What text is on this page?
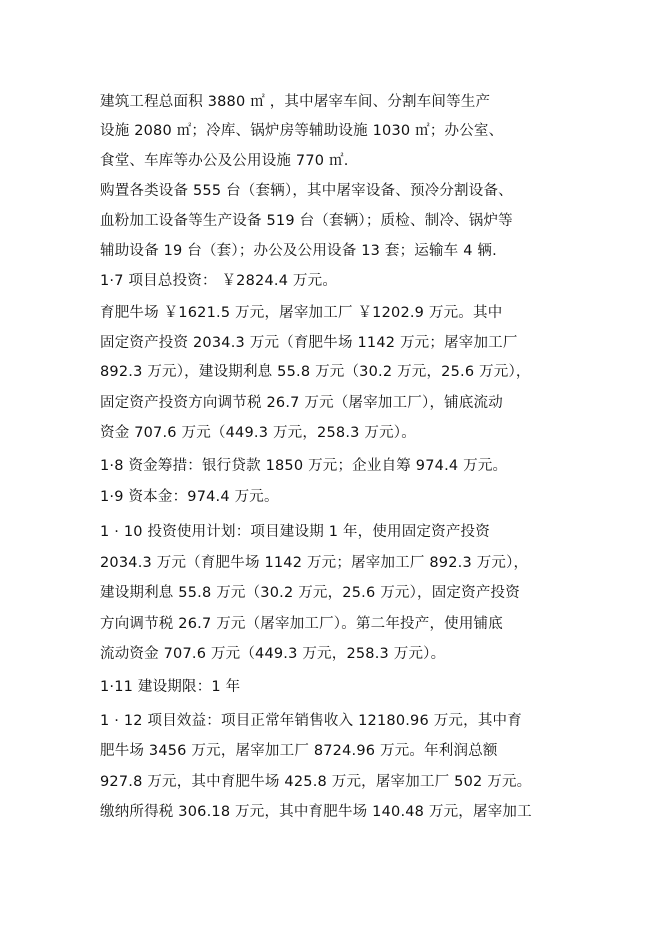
建筑工程总面积 3880 ㎡ ，其中屠宰车间、分割车间等生产
设施 2080 ㎡；冷库、锅炉房等辅助设施 1030 ㎡；办公室、
食堂、车库等办公及公用设施 770 ㎡.
购置各类设备 555 台（套辆），其中屠宰设备、预冷分割设备、
血粉加工设备等生产设备 519 台（套辆）；质检、制冷、锅炉等
辅助设备 19 台（套）；办公及公用设备 13 套；运输车 4 辆.
1·7 项目总投资： ￥2824.4 万元。
育肥牛场 ￥1621.5 万元，屠宰加工厂 ￥1202.9 万元。其中
固定资产投资 2034.3 万元（育肥牛场 1142 万元；屠宰加工厂
892.3 万元），建设期利息 55.8 万元（30.2 万元，25.6 万元），
固定资产投资方向调节税 26.7 万元（屠宰加工厂），铺底流动
资金 707.6 万元（449.3 万元，258.3 万元）。
1·8 资金筹措：银行贷款 1850 万元；企业自筹 974.4 万元。
1·9 资本金：974.4 万元。
1 · 10 投资使用计划：项目建设期 1 年，使用固定资产投资
2034.3 万元（育肥牛场 1142 万元；屠宰加工厂 892.3 万元），
建设期利息 55.8 万元（30.2 万元，25.6 万元），固定资产投资
方向调节税 26.7 万元（屠宰加工厂）。第二年投产，使用铺底
流动资金 707.6 万元（449.3 万元，258.3 万元）。
1·11 建设期限：1 年
1 · 12 项目效益：项目正常年销售收入 12180.96 万元，其中育
肥牛场 3456 万元，屠宰加工厂 8724.96 万元。年利润总额
927.8 万元，其中育肥牛场 425.8 万元，屠宰加工厂 502 万元。
缴纳所得税 306.18 万元，其中育肥牛场 140.48 万元，屠宰加工
